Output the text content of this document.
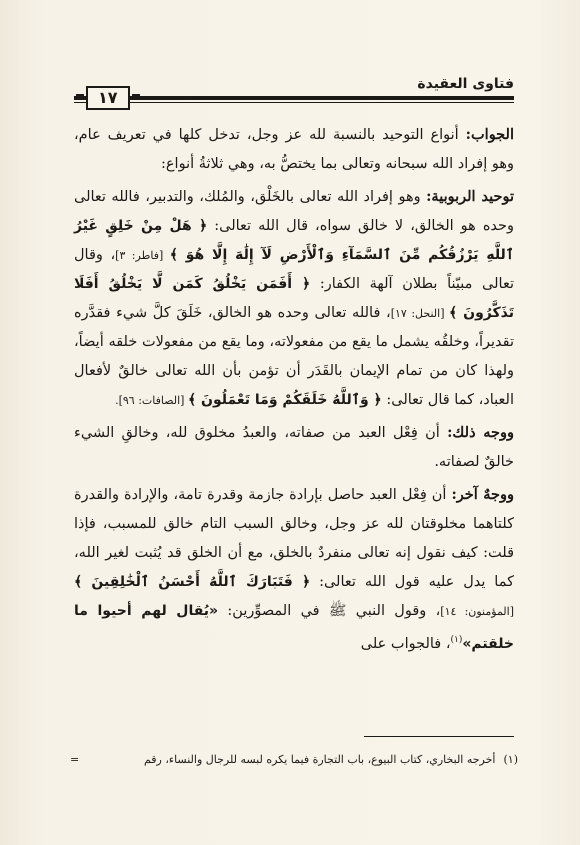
فتاوى العقيدة
١٧

الجواب: أنواع التوحيد بالنسبة لله عز وجل، تدخل كلها في تعريف عام، وهو إفراد الله سبحانه وتعالى بما يختصُّ به، وهي ثلاثةُ أنواع:

توحيد الربوبية: وهو إفراد الله تعالى بالخَلْق، والمُلك، والتدبير، فالله تعالى وحده هو الخالق، لا خالق سواه، قال الله تعالى: ﴿ هَلْ مِنْ خَلِقٍ غَيْرُ ٱللَّهِ يَرْزُقُكُم مِّنَ ٱلسَّمَآءِ وَٱلْأَرْضِ لَآ إِلَٰهَ إِلَّا هُوَ ﴾ [فاطر: ٣]، وقال تعالى مبيّناً بطلان آلهة الكفار: ﴿ أَفَمَن يَخْلُقُ كَمَن لَّا يَخْلُقُ أَفَلَا تَذَكَّرُونَ ﴾ [النحل: ١٧]، فالله تعالى وحده هو الخالق، خَلَقَ كلَّ شيء فقدَّره تقديراً، وخلقُه يشمل ما يقع من مفعولاته، وما يقع من مفعولات خلقه أيضاً، ولهذا كان من تمام الإيمان بالقَدَر أن تؤمن بأن الله تعالى خالقٌ لأفعال العباد، كما قال تعالى: ﴿ وَٱللَّهُ خَلَقَكُمْ وَمَا تَعْمَلُونَ ﴾ [الصافات: ٩٦].

ووجه ذلك: أن فِعْل العبد من صفاته، والعبدُ مخلوق لله، وخالقِ الشيء خالقٌ لصفاته.

ووجهٌ آخر: أن فِعْل العبد حاصل بإرادة جازمة وقدرة تامة، والإرادة والقدرة كلتاهما مخلوقتان لله عز وجل، وخالق السبب التام خالق للمسبب، فإذا قلت: كيف نقول إنه تعالى منفردٌ بالخلق، مع أن الخلق قد يُثبت لغير الله، كما يدل عليه قول الله تعالى: ﴿ فَتَبَارَكَ ٱللَّهُ أَحْسَنُ ٱلْخَٰلِقِينَ ﴾ [المؤمنون: ١٤]، وقول النبي ﷺ في المصوِّرين: «يُقال لهم أحيوا ما خلقتم»$^{(١)}$، فالجواب على

(١)أخرجه البخاري، كتاب البيوع، باب التجارة فيما يكره لبسه للرجال والنساء، رقم
=
